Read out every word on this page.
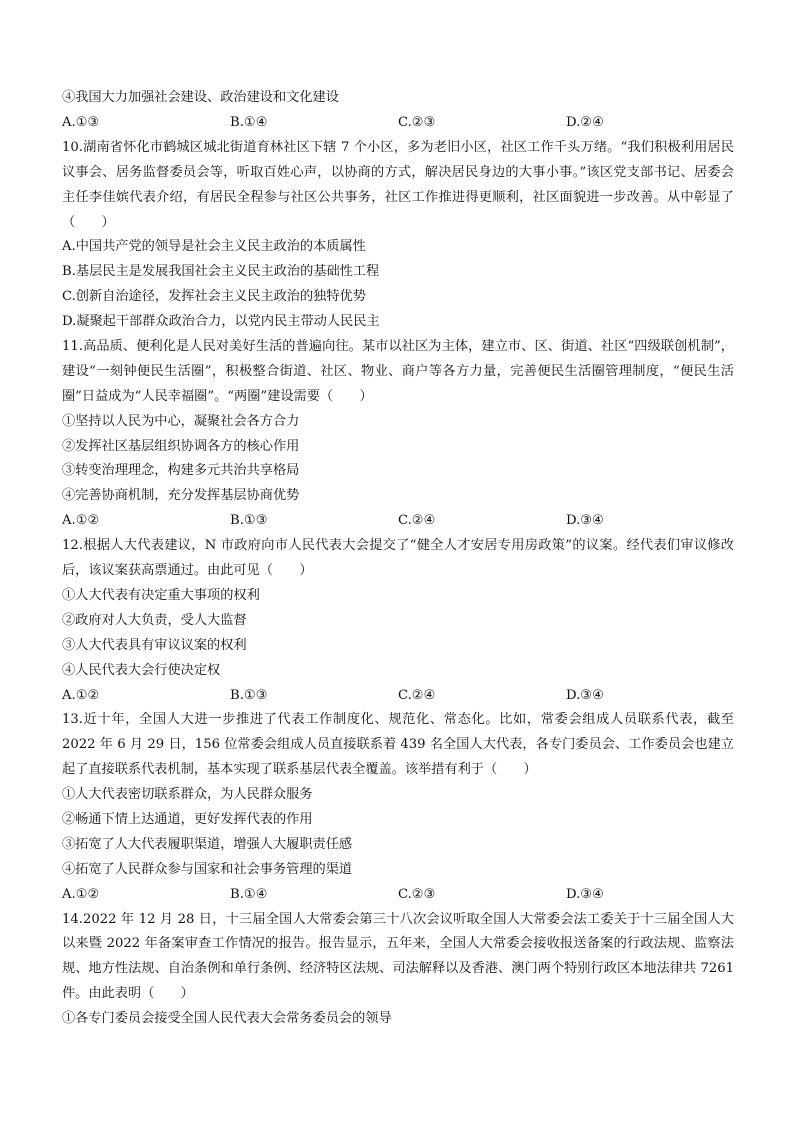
④我国大力加强社会建设、政治建设和文化建设
A.①③	B.①④	C.②③	D.②④
10.湖南省怀化市鹤城区城北街道育林社区下辖 7 个小区，多为老旧小区，社区工作千头万绪。“我们积极利用居民议事会、居务监督委员会等，听取百姓心声，以协商的方式，解决居民身边的大事小事。”该区党支部书记、居委会主任李佳嫔代表介绍，有居民全程参与社区公共事务，社区工作推进得更顺利，社区面貌进一步改善。从中彰显了（　　）
A.中国共产党的领导是社会主义民主政治的本质属性
B.基层民主是发展我国社会主义民主政治的基础性工程
C.创新自治途径，发挥社会主义民主政治的独特优势
D.凝聚起干部群众政治合力，以党内民主带动人民民主
11.高品质、便利化是人民对美好生活的普遍向往。某市以社区为主体，建立市、区、街道、社区“四级联创机制”，建设“一刻钟便民生活圈”，积极整合街道、社区、物业、商户等各方力量，完善便民生活圈管理制度，“便民生活圈”日益成为“人民幸福圈”。“两圈”建设需要（　　）
①坚持以人民为中心，凝聚社会各方合力
②发挥社区基层组织协调各方的核心作用
③转变治理理念，构建多元共治共享格局
④完善协商机制，充分发挥基层协商优势
A.①②	B.①③	C.②④	D.③④
12.根据人大代表建议，N 市政府向市人民代表大会提交了“健全人才安居专用房政策”的议案。经代表们审议修改后，该议案获高票通过。由此可见（　　）
①人大代表有决定重大事项的权利
②政府对人大负责，受人大监督
③人大代表具有审议议案的权利
④人民代表大会行使决定权
A.①②	B.①③	C.②④	D.③④
13.近十年，全国人大进一步推进了代表工作制度化、规范化、常态化。比如，常委会组成人员联系代表，截至 2022 年 6 月 29 日，156 位常委会组成人员直接联系着 439 名全国人大代表，各专门委员会、工作委员会也建立起了直接联系代表机制，基本实现了联系基层代表全覆盖。该举措有利于（　　）
①人大代表密切联系群众，为人民群众服务
②畅通下情上达通道，更好发挥代表的作用
③拓宽了人大代表履职渠道，增强人大履职责任感
④拓宽了人民群众参与国家和社会事务管理的渠道
A.①②	B.①④	C.②③	D.③④
14.2022 年 12 月 28 日，十三届全国人大常委会第三十八次会议听取全国人大常委会法工委关于十三届全国人大以来暨 2022 年备案审查工作情况的报告。报告显示，五年来，全国人大常委会接收报送备案的行政法规、监察法规、地方性法规、自治条例和单行条例、经济特区法规、司法解释以及香港、澳门两个特别行政区本地法律共 7261 件。由此表明（　　）
①各专门委员会接受全国人民代表大会常务委员会的领导
